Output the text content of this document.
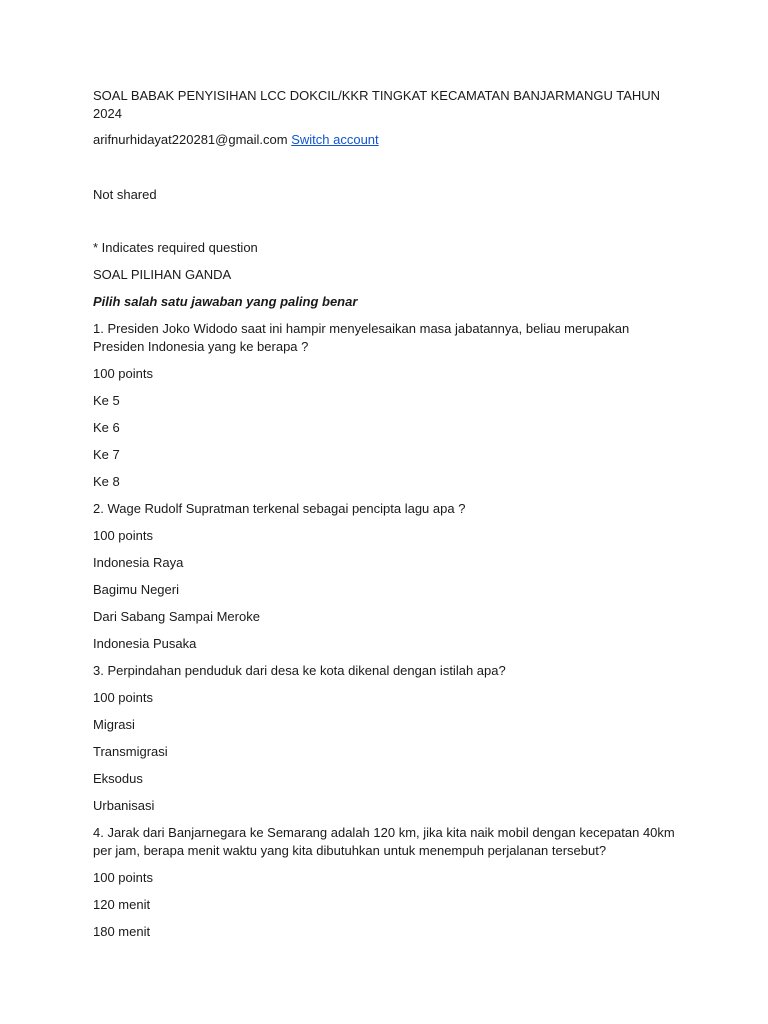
SOAL BABAK PENYISIHAN LCC DOKCIL/KKR TINGKAT KECAMATAN BANJARMANGU TAHUN 2024
arifnurhidayat220281@gmail.com Switch account
Not shared
* Indicates required question
SOAL PILIHAN GANDA
Pilih salah satu jawaban yang paling benar
1. Presiden Joko Widodo saat ini hampir menyelesaikan masa jabatannya, beliau merupakan Presiden Indonesia yang ke berapa ?
100 points
Ke 5
Ke 6
Ke 7
Ke 8
2. Wage Rudolf Supratman terkenal sebagai pencipta lagu apa ?
100 points
Indonesia Raya
Bagimu Negeri
Dari Sabang Sampai Meroke
Indonesia Pusaka
3. Perpindahan penduduk dari desa ke kota dikenal dengan istilah apa?
100 points
Migrasi
Transmigrasi
Eksodus
Urbanisasi
4. Jarak dari Banjarnegara ke Semarang adalah 120 km, jika kita naik mobil dengan kecepatan 40km per jam, berapa menit waktu yang kita dibutuhkan untuk menempuh perjalanan tersebut?
100 points
120 menit
180 menit
